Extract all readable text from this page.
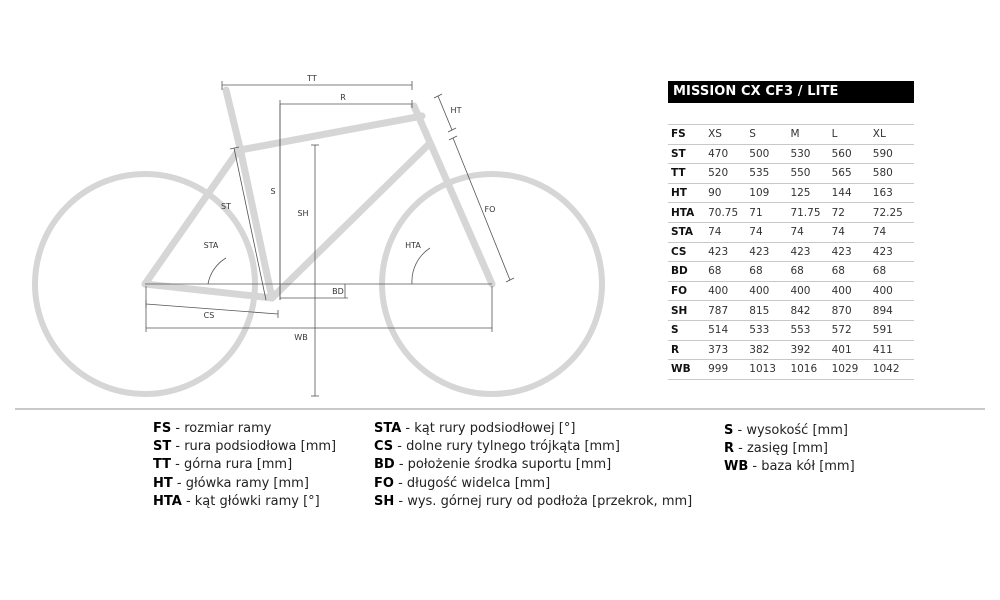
TT
R
HT
S
SH
ST
STA
FO
HTA
BD
CS
WB
MISSION CX CF3 / LITE
FS	XS	S	M	L	XL
ST	470	500	530	560	590
TT	520	535	550	565	580
HT	90	109	125	144	163
HTA	70.75	71	71.75	72	72.25
STA	74	74	74	74	74
CS	423	423	423	423	423
BD	68	68	68	68	68
FO	400	400	400	400	400
SH	787	815	842	870	894
S	514	533	553	572	591
R	373	382	392	401	411
WB	999	1013	1016	1029	1042
FS - rozmiar ramy
ST - rura podsiodłowa [mm]
TT - górna rura [mm]
HT - główka ramy [mm]
HTA - kąt główki ramy [°]
STA - kąt rury podsiodłowej [°]
CS - dolne rury tylnego trójkąta [mm]
BD - położenie środka suportu [mm]
FO - długość widelca [mm]
SH - wys. górnej rury od podłoża [przekrok, mm]
S - wysokość [mm]
R - zasięg [mm]
WB - baza kół [mm]
